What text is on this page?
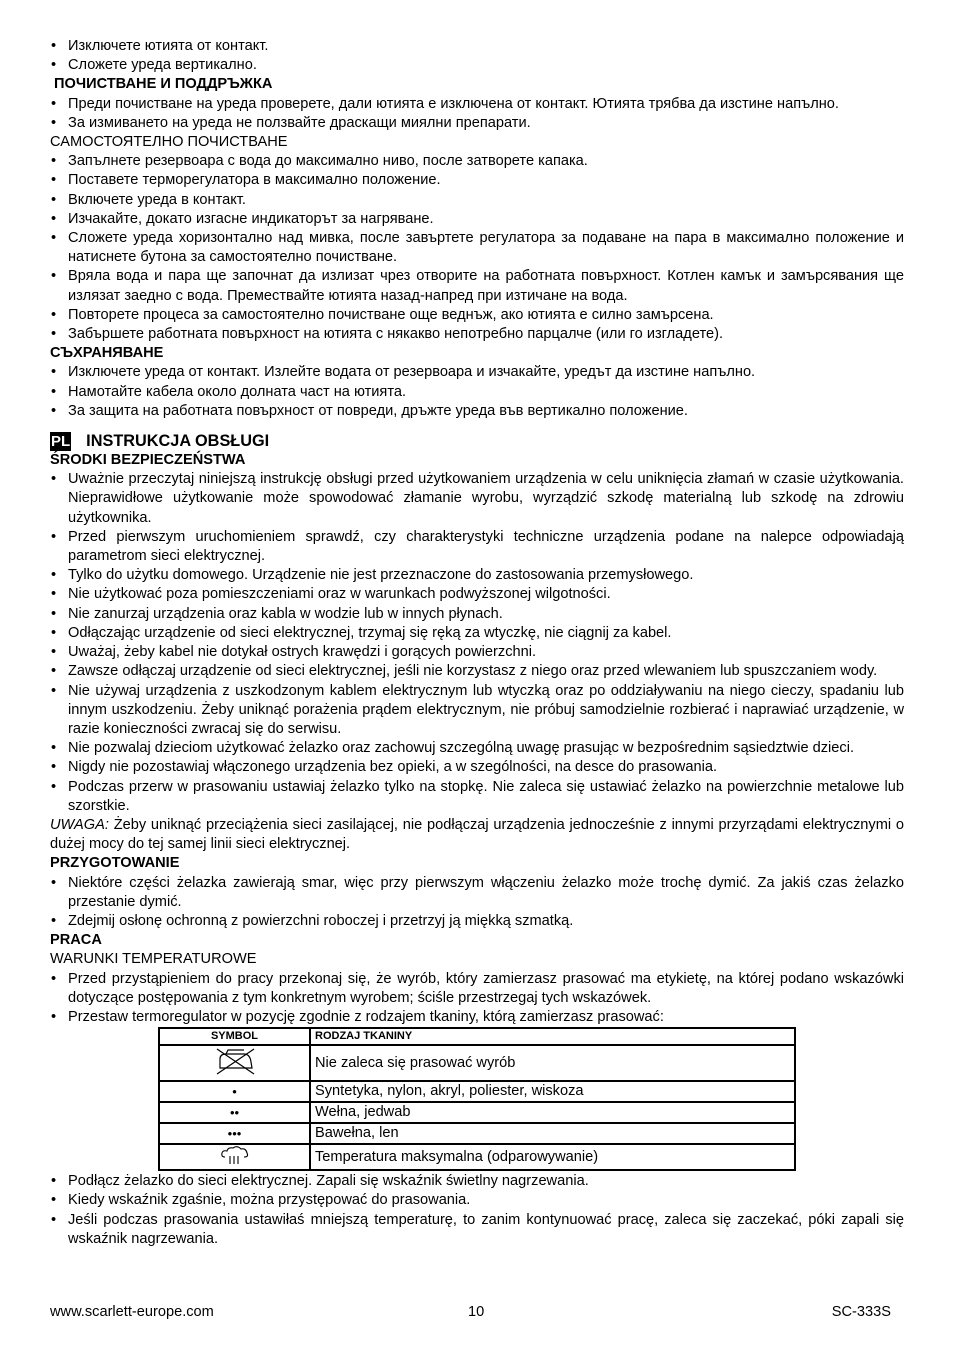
• Изключете ютията от контакт.
• Сложете уреда вертикално.
ПОЧИСТВАНЕ И ПОДДРЪЖКА
• Преди почистване на уреда проверете, дали ютията е изключена от контакт. Ютията трябва да изстине напълно.
• За измиването на уреда не ползвайте драскащи миялни препарати.
САМОСТОЯТЕЛНО ПОЧИСТВАНЕ
• Запълнете резервоара с вода до максимално ниво, после затворете капака.
• Поставете терморегулатора в максимално положение.
• Включете уреда в контакт.
• Изчакайте, докато изгасне индикаторът за нагряване.
• Сложете уреда хоризонтално над мивка, после завъртете регулатора за подаване на пара в максимално положение и натиснете бутона за самостоятелно почистване.
• Вряла вода и пара ще започнат да излизат чрез отворите на работната повърхност. Котлен камък и замърсявания ще излязат заедно с вода. Премествайте ютията назад-напред при изтичане на вода.
• Повторете процеса за самостоятелно почистване още веднъж, ако ютията е силно замърсена.
• Забършете работната повърхност на ютията с някакво непотребно парцалче (или го изгладете).
СЪХРАНЯВАНЕ
• Изключете уреда от контакт. Излейте водата от резервоара и изчакайте, уредът да изстине напълно.
• Намотайте кабела около долната част на ютията.
• За защита на работната повърхност от повреди, дръжте уреда във вертикално положение.
PL INSTRUKCJA OBSŁUGI
ŚRODKI BEZPIECZEŃSTWA
• Uważnie przeczytaj niniejszą instrukcję obsługi przed użytkowaniem urządzenia w celu uniknięcia złamań w czasie użytkowania. Nieprawidłowe użytkowanie może spowodować złamanie wyrobu, wyrządzić szkodę materialną lub szkodę na zdrowiu użytkownika.
• Przed pierwszym uruchomieniem sprawdź, czy charakterystyki techniczne urządzenia podane na nalepce odpowiadają parametrom sieci elektrycznej.
• Tylko do użytku domowego. Urządzenie nie jest przeznaczone do zastosowania przemysłowego.
• Nie użytkować poza pomieszczeniami oraz w warunkach podwyższonej wilgotności.
• Nie zanurzaj urządzenia oraz kabla w wodzie lub w innych płynach.
• Odłączając urządzenie od sieci elektrycznej, trzymaj się ręką za wtyczkę, nie ciągnij za kabel.
• Uważaj, żeby kabel nie dotykał ostrych krawędzi i gorących powierzchni.
• Zawsze odłączaj urządzenie od sieci elektrycznej, jeśli nie korzystasz z niego oraz przed wlewaniem lub spuszczaniem wody.
• Nie używaj urządzenia z uszkodzonym kablem elektrycznym lub wtyczką oraz po oddziaływaniu na niego cieczy, spadaniu lub innym uszkodzeniu. Żeby uniknąć porażenia prądem elektrycznym, nie próbuj samodzielnie rozbierać i naprawiać urządzenie, w razie konieczności zwracaj się do serwisu.
• Nie pozwalaj dzieciom użytkować żelazko oraz zachowuj szczególną uwagę prasując w bezpośrednim sąsiedztwie dzieci.
• Nigdy nie pozostawiaj włączonego urządzenia bez opieki, a w szególności, na desce do prasowania.
• Podczas przerw w prasowaniu ustawiaj żelazko tylko na stopkę. Nie zaleca się ustawiać żelazko na powierzchnie metalowe lub szorstkie.
UWAGA: Żeby uniknąć przeciążenia sieci zasilającej, nie podłączaj urządzenia jednocześnie z innymi przyrządami elektrycznymi o dużej mocy do tej samej linii sieci elektrycznej.
PRZYGOTOWANIE
• Niektóre części żelazka zawierają smar, więc przy pierwszym włączeniu żelazko może trochę dymić. Za jakiś czas żelazko przestanie dymić.
• Zdejmij osłonę ochronną z powierzchni roboczej i przetrzyj ją miękką szmatką.
PRACA
WARUNKI TEMPERATUROWE
• Przed przystąpieniem do pracy przekonaj się, że wyrób, który zamierzasz prasować ma etykietę, na której podano wskazówki dotyczące postępowania z tym konkretnym wyrobem; ściśle przestrzegaj tych wskazówek.
• Przestaw termoregulator w pozycję zgodnie z rodzajem tkaniny, którą zamierzasz prasować:
SYMBOL	RODZAJ TKANINY
	Nie zaleca się prasować wyrób
•	Syntetyka, nylon, akryl, poliester, wiskoza
••	Wełna, jedwab
•••	Bawełna, len
	Temperatura maksymalna (odparowywanie)
• Podłącz żelazko do sieci elektrycznej. Zapali się wskaźnik świetlny nagrzewania.
• Kiedy wskaźnik zgaśnie, można przystępować do prasowania.
• Jeśli podczas prasowania ustawiłaś mniejszą temperaturę, to zanim kontynuować pracę, zaleca się zaczekać, póki zapali się wskaźnik nagrzewania.
www.scarlett-europe.com	10	SC-333S
